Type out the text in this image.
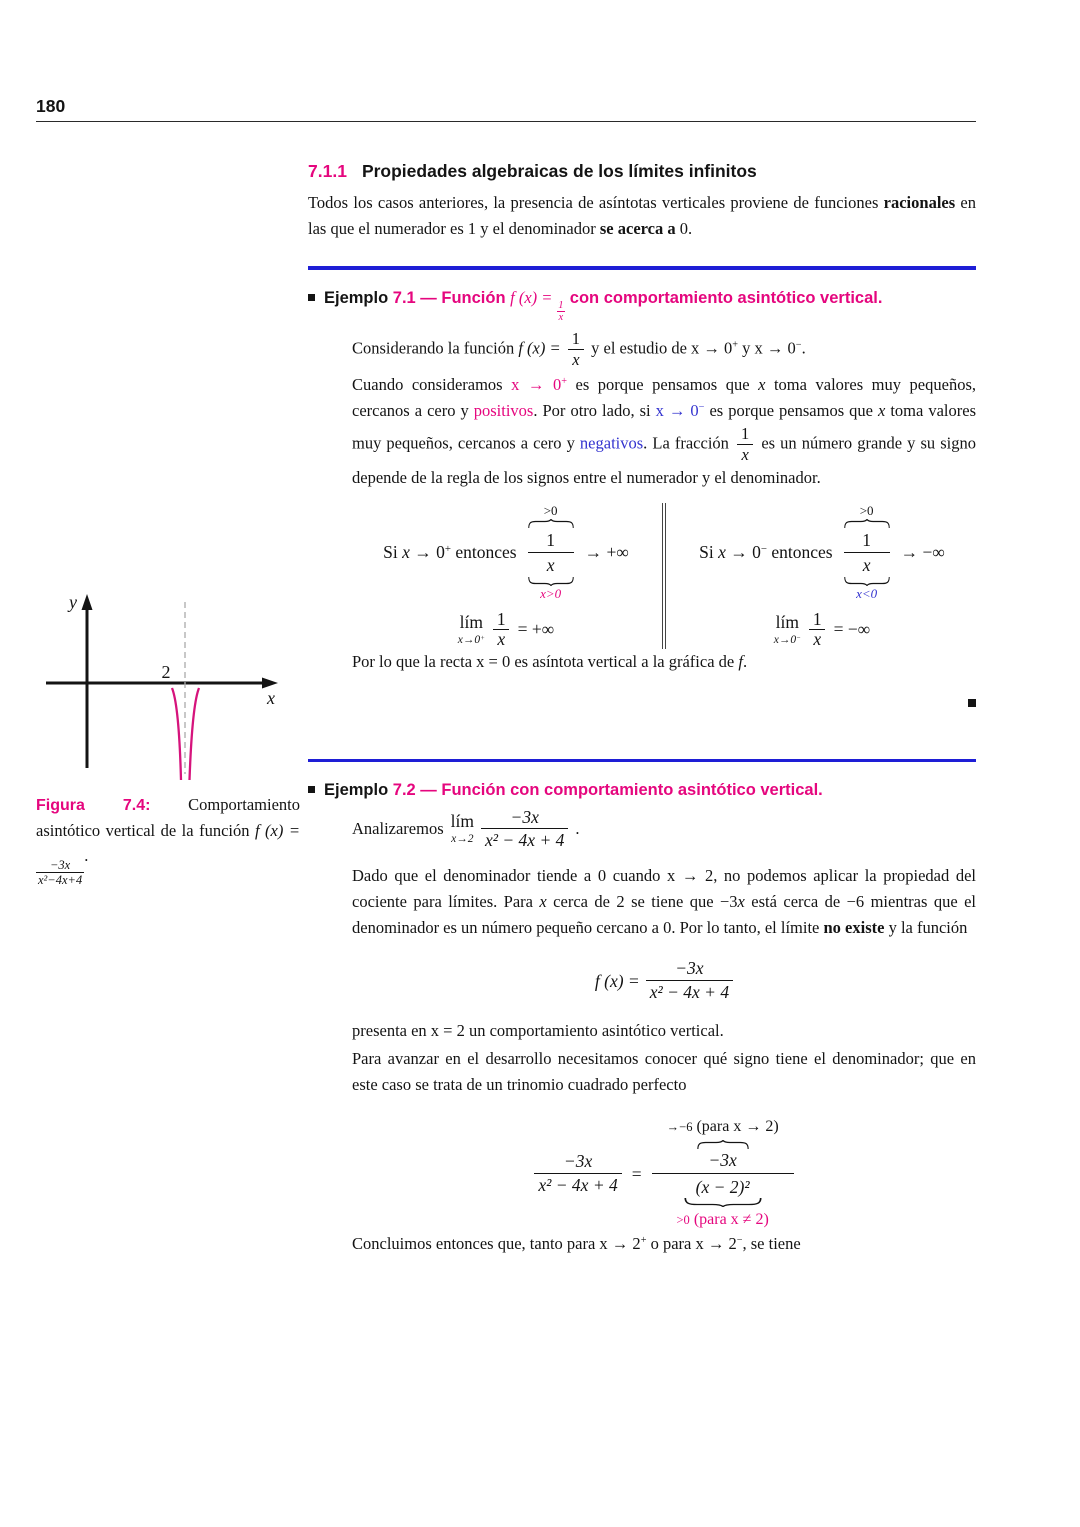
180
2
y
x
Figura 7.4: Comportamiento asintótico vertical de la función f (x) =
$\frac{-3x}{\text{x²−4x+4}}$
.
7.1.1 Propiedades algebraicas de los límites infinitos

Todos los casos anteriores, la presencia de asíntotas verticales proviene de funciones racionales en las que el numerador es 1 y el denominador se acerca a 0.

Ejemplo 7.1 — Función f (x) =
$\frac{1}{x}$
con comportamiento asintótico vertical.

Considerando la función f $(x) = \frac{1}{x}$ y el estudio de x → 0+ y x → 0−.

Cuando consideramos x → 0+ es porque pensamos que x toma valores muy pequeños, cercanos a cero y positivos. Por otro lado, si x → 0− es porque pensamos que x toma valores muy pequeños, cercanos a cero y negativos. La fracción $\frac{1}{x}$ es un número grande y su signo depende de la regla de los signos entre el numerador y el denominador.

Si x → 0+ entonces
>0
1
x
x>0
→ +∞
lím
$x\to 0^+ \frac{1}{x}$ = +∞
Si x → 0− entonces
>0
1
x
x<0
→ −∞
lím
$x\to 0^- \frac{1}{x}$ = −∞

Por lo que la recta x = 0 es asíntota vertical a la gráfica de f.

Ejemplo 7.2 — Función con comportamiento asintótico vertical.
Analizaremos lím
x→2
−3x
x² − 4x + 4
.

Dado que el denominador tiende a 0 cuando x → 2, no podemos aplicar la propiedad del cociente para límites. Para x cerca de 2 se tiene que −3x está cerca de −6 mientras que el denominador es un número pequeño cercano a 0. Por lo tanto, el límite no existe y la función

f $(x) = \frac{-3x}{\text{x² − 4x + 4}}$

presenta en x = 2 un comportamiento asintótico vertical.

Para avanzar en el desarrollo necesitamos conocer qué signo tiene el denominador; que en este caso se trata de un trinomio cuadrado perfecto

$\frac{-3x}{\text{x² − 4x + 4}}$ =
→−6 (para x → 2)
−3x
(x − 2)²
>0 (para x ≠ 2)

Concluimos entonces que, tanto para x → 2+ o para x → 2−, se tiene
